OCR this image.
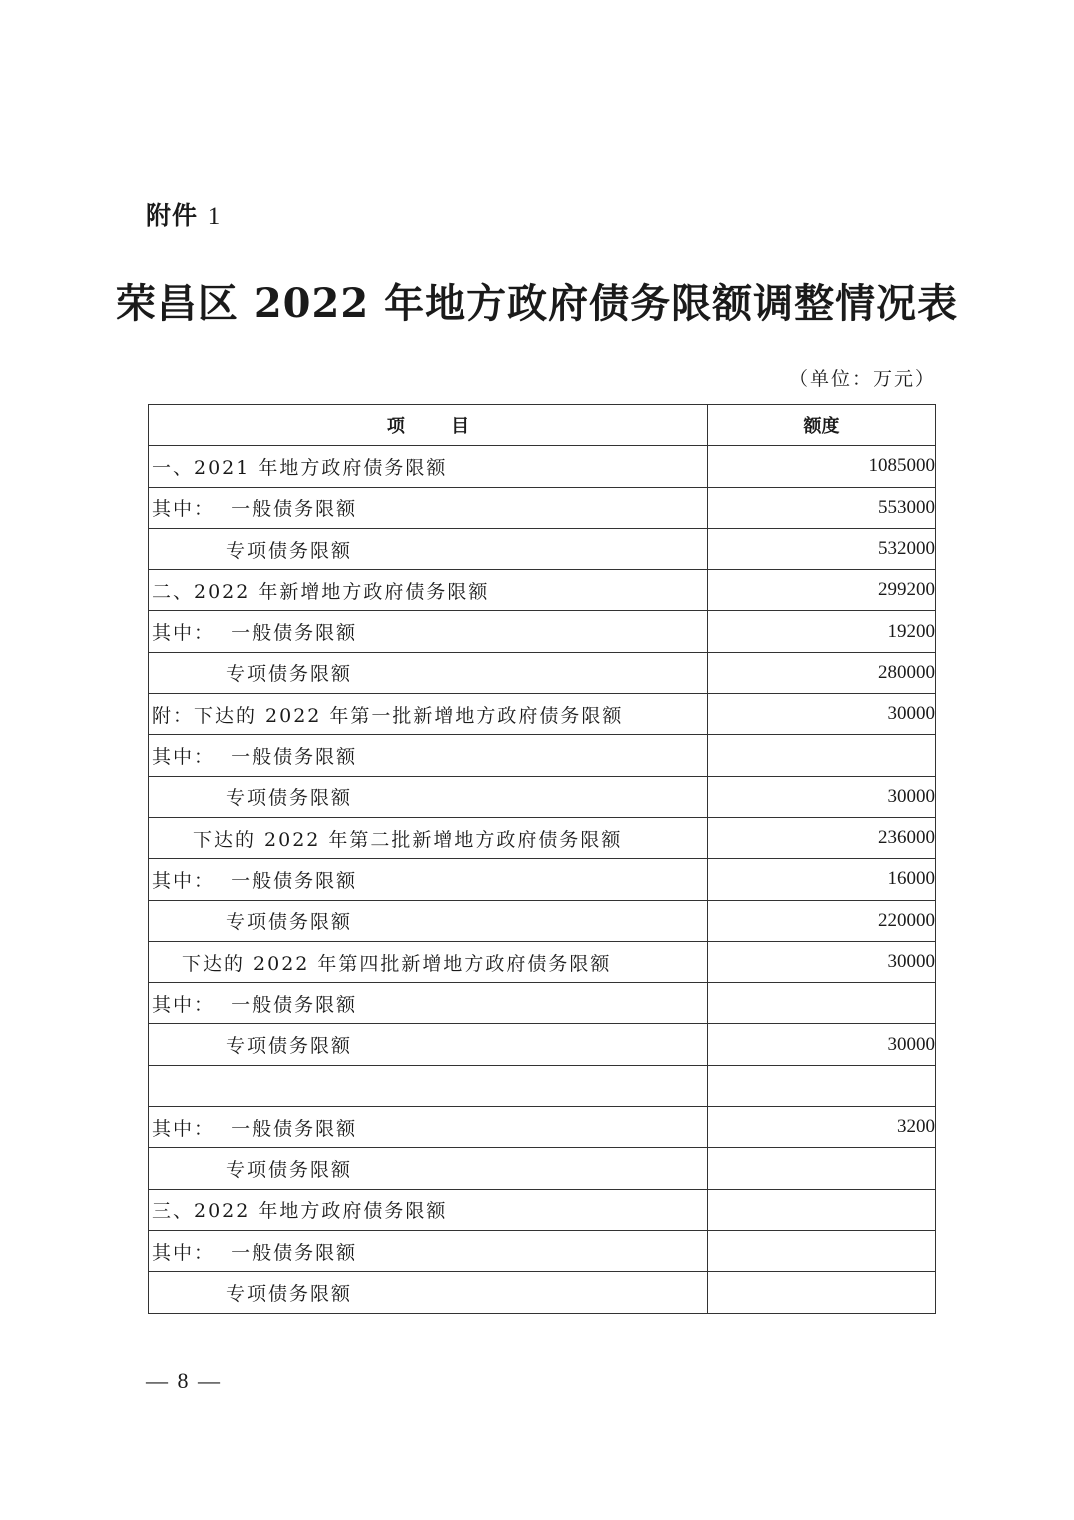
附件 1
荣昌区 2022 年地方政府债务限额调整情况表
（单位：万元）
项 目	额度
一、2021 年地方政府债务限额	1085000
其中：  一般债务限额	553000
专项债务限额	532000
二、2022 年新增地方政府债务限额	299200
其中：  一般债务限额	19200
专项债务限额	280000
附：下达的 2022 年第一批新增地方政府债务限额	30000
其中：  一般债务限额	
专项债务限额	30000
下达的 2022 年第二批新增地方政府债务限额	236000
其中：  一般债务限额	16000
专项债务限额	220000
下达的 2022 年第四批新增地方政府债务限额	30000
其中：  一般债务限额	
专项债务限额	30000

其中：  一般债务限额	3200
专项债务限额	
三、2022 年地方政府债务限额	
其中：  一般债务限额	
专项债务限额	
— 8 —
